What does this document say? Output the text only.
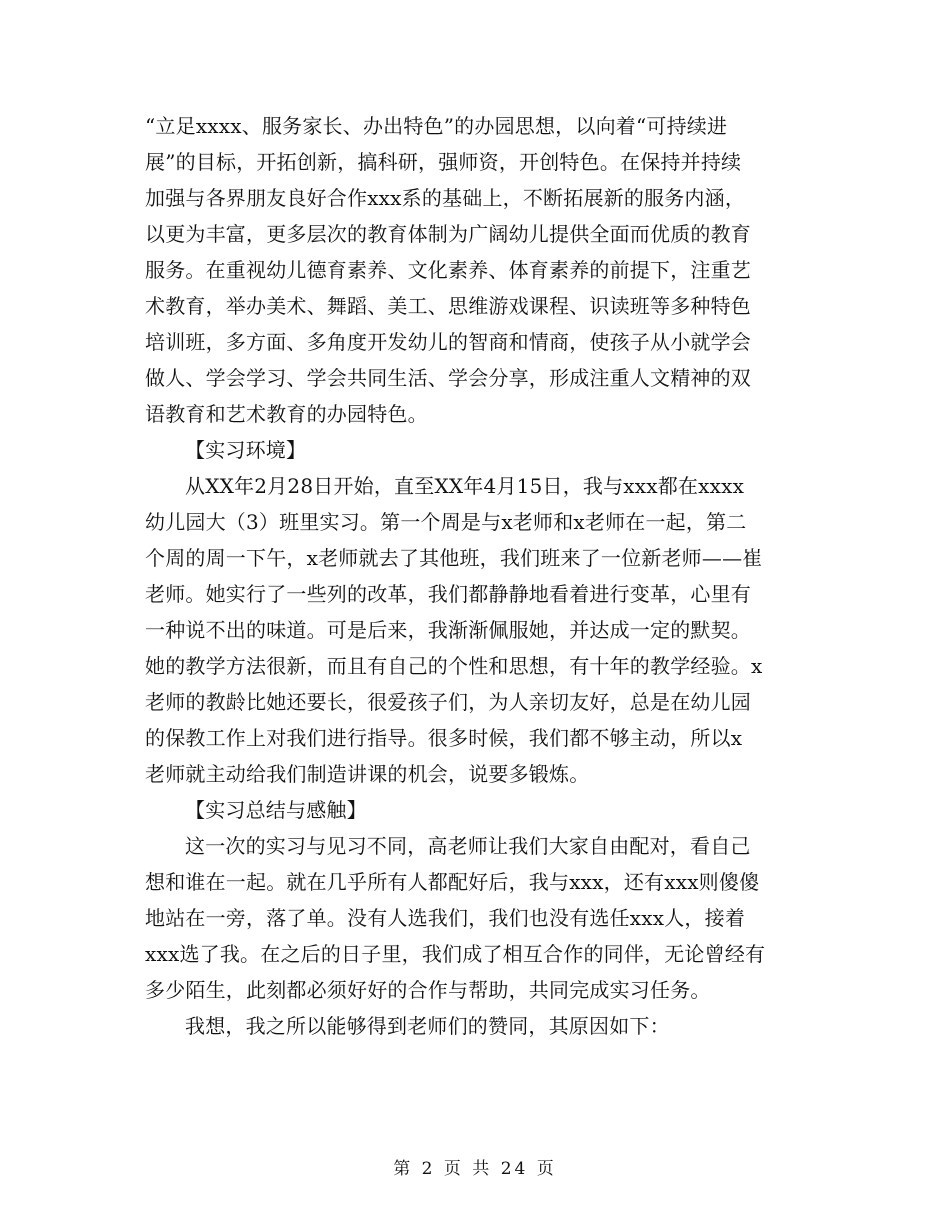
“立足xxxx、服务家长、办出特色”的办园思想，以向着“可持续进
展”的目标，开拓创新，搞科研，强师资，开创特色。在保持并持续
加强与各界朋友良好合作xxx系的基础上，不断拓展新的服务内涵，
以更为丰富，更多层次的教育体制为广阔幼儿提供全面而优质的教育
服务。在重视幼儿德育素养、文化素养、体育素养的前提下，注重艺
术教育，举办美术、舞蹈、美工、思维游戏课程、识读班等多种特色
培训班，多方面、多角度开发幼儿的智商和情商，使孩子从小就学会
做人、学会学习、学会共同生活、学会分享，形成注重人文精神的双
语教育和艺术教育的办园特色。
【实习环境】
从XX年2月28日开始，直至XX年4月15日，我与xxx都在xxxx
幼儿园大（3）班里实习。第一个周是与x老师和x老师在一起，第二
个周的周一下午，x老师就去了其他班，我们班来了一位新老师——崔
老师。她实行了一些列的改革，我们都静静地看着进行变革，心里有
一种说不出的味道。可是后来，我渐渐佩服她，并达成一定的默契。
她的教学方法很新，而且有自己的个性和思想，有十年的教学经验。x
老师的教龄比她还要长，很爱孩子们，为人亲切友好，总是在幼儿园
的保教工作上对我们进行指导。很多时候，我们都不够主动，所以x
老师就主动给我们制造讲课的机会，说要多锻炼。
【实习总结与感触】
这一次的实习与见习不同，高老师让我们大家自由配对，看自己
想和谁在一起。就在几乎所有人都配好后，我与xxx，还有xxx则傻傻
地站在一旁，落了单。没有人选我们，我们也没有选任xxx人，接着
xxx选了我。在之后的日子里，我们成了相互合作的同伴，无论曾经有
多少陌生，此刻都必须好好的合作与帮助，共同完成实习任务。
我想，我之所以能够得到老师们的赞同，其原因如下：
第 2 页 共 24 页
